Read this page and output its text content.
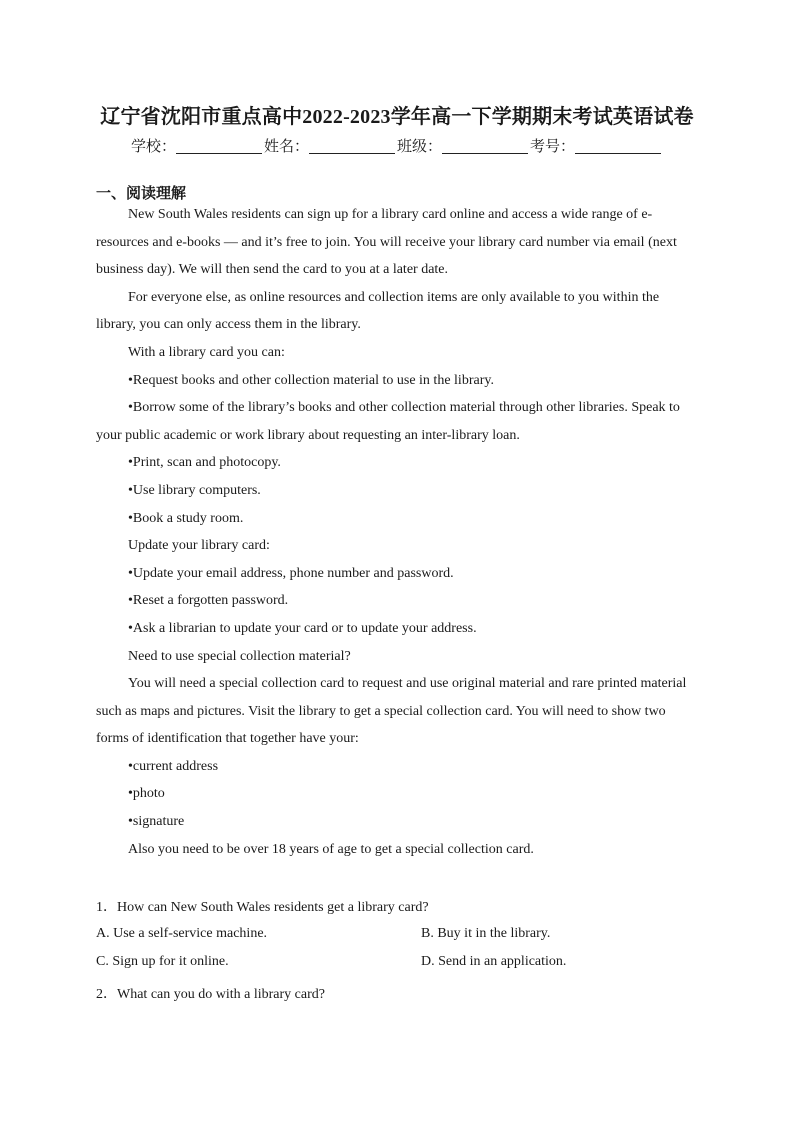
辽宁省沈阳市重点高中2022-2023学年高一下学期期末考试英语试卷
学校：	姓名：	班级：	考号：
一、阅读理解

New South Wales residents can sign up for a library card online and access a wide range of e-resources and e-books — and it’s free to join. You will receive your library card number via email (next business day). We will then send the card to you at a later date.

For everyone else, as online resources and collection items are only available to you within the library, you can only access them in the library.

With a library card you can:

•Request books and other collection material to use in the library.

•Borrow some of the library’s books and other collection material through other libraries. Speak to your public academic or work library about requesting an inter-library loan.

•Print, scan and photocopy.

•Use library computers.

•Book a study room.

Update your library card:

•Update your email address, phone number and password.

•Reset a forgotten password.

•Ask a librarian to update your card or to update your address.

Need to use special collection material?

You will need a special collection card to request and use original material and rare printed material such as maps and pictures. Visit the library to get a special collection card. You will need to show two forms of identification that together have your:

•current address

•photo

•signature

Also you need to be over 18 years of age to get a special collection card.

1．How can New South Wales residents get a library card?
A. Use a self-service machine.	B. Buy it in the library.
C. Sign up for it online.	D. Send in an application.
2．What can you do with a library card?
